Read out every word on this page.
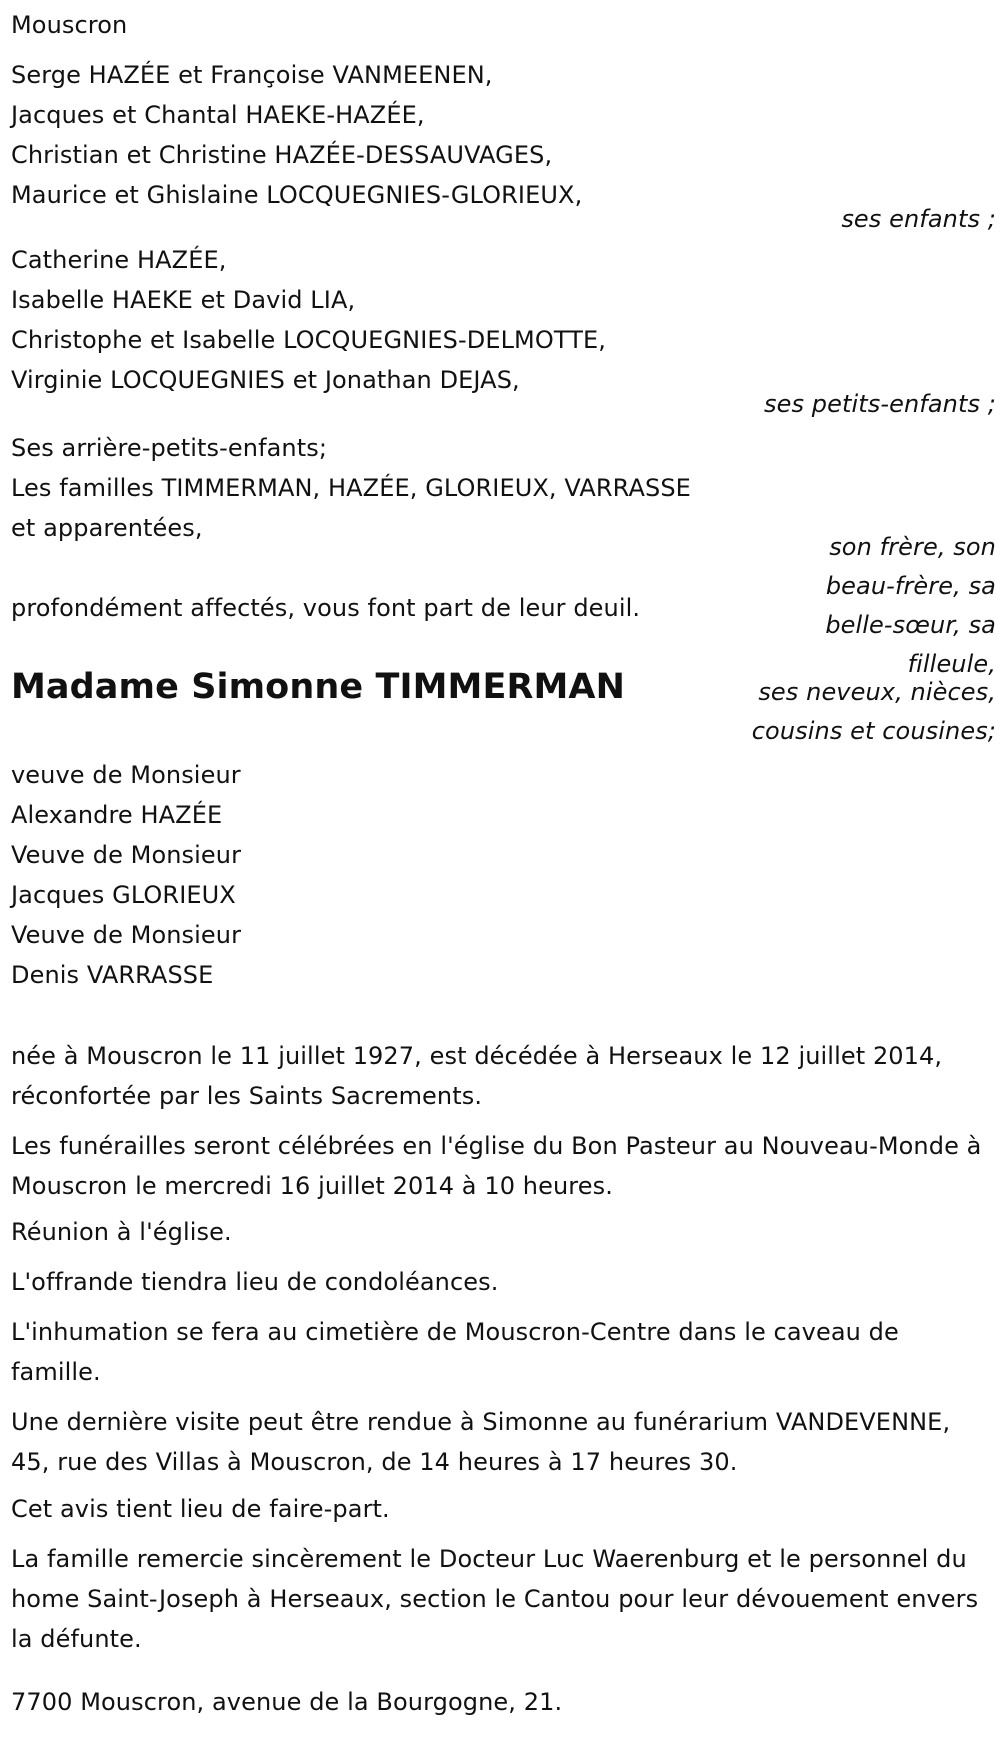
Mouscron
Serge HAZÉE et Françoise VANMEENEN,
Jacques et Chantal HAEKE-HAZÉE,
Christian et Christine HAZÉE-DESSAUVAGES,
Maurice et Ghislaine LOCQUEGNIES-GLORIEUX,
ses enfants ;
Catherine HAZÉE,
Isabelle HAEKE et David LIA,
Christophe et Isabelle LOCQUEGNIES-DELMOTTE,
Virginie LOCQUEGNIES et Jonathan DEJAS,
ses petits-enfants ;
Ses arrière-petits-enfants;
Les familles TIMMERMAN, HAZÉE, GLORIEUX, VARRASSE
et apparentées,
son frère, son
beau-frère, sa
belle-sœur, sa
filleule,
ses neveux, nièces,
cousins et cousines;
profondément affectés, vous font part de leur deuil.
Madame Simonne TIMMERMAN
veuve de Monsieur
Alexandre HAZÉE
Veuve de Monsieur
Jacques GLORIEUX
Veuve de Monsieur
Denis VARRASSE
née à Mouscron le 11 juillet 1927, est décédée à Herseaux le 12 juillet 2014, réconfortée par les Saints Sacrements.
Les funérailles seront célébrées en l'église du Bon Pasteur au Nouveau-Monde à Mouscron le mercredi 16 juillet 2014 à 10 heures.
Réunion à l'église.
L'offrande tiendra lieu de condoléances.
L'inhumation se fera au cimetière de Mouscron-Centre dans le caveau de famille.
Une dernière visite peut être rendue à Simonne au funérarium VANDEVENNE, 45, rue des Villas à Mouscron, de 14 heures à 17 heures 30.
Cet avis tient lieu de faire-part.
La famille remercie sincèrement le Docteur Luc Waerenburg et le personnel du home Saint-Joseph à Herseaux, section le Cantou pour leur dévouement envers la défunte.
7700 Mouscron, avenue de la Bourgogne, 21.
